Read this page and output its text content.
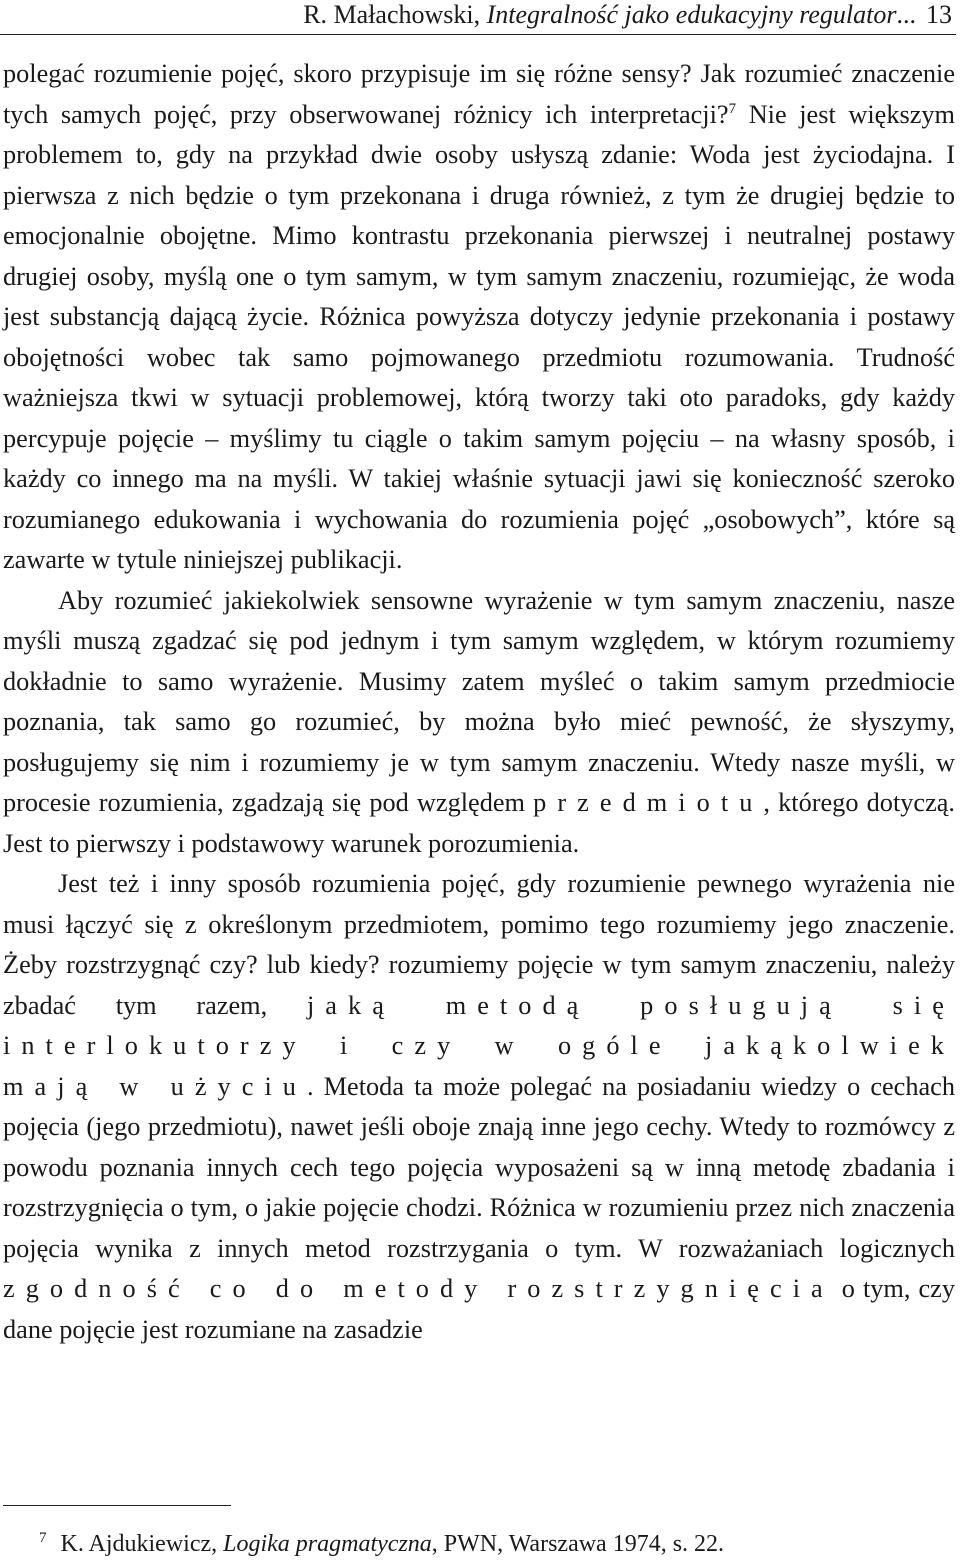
R. Małachowski, Integralność jako edukacyjny regulator... 13

polegać rozumienie pojęć, skoro przypisuje im się różne sensy? Jak rozumieć znaczenie tych samych pojęć, przy obserwowanej różnicy ich interpretacji?$^7$ Nie jest większym problemem to, gdy na przykład dwie osoby usłyszą zdanie: Woda jest życiodajna. I pierwsza z nich będzie o tym przekonana i druga również, z tym że drugiej będzie to emocjonalnie obojętne. Mimo kontrastu przekonania pierwszej i neutralnej postawy drugiej osoby, myślą one o tym samym, w tym samym znaczeniu, rozumiejąc, że woda jest substancją dającą życie. Różnica powyższa dotyczy jedynie przekonania i postawy obojętności wobec tak samo pojmowanego przedmiotu rozumowania. Trudność ważniejsza tkwi w sytuacji problemowej, którą tworzy taki oto paradoks, gdy każdy percypuje pojęcie – myślimy tu ciągle o takim samym pojęciu – na własny sposób, i każdy co innego ma na myśli. W takiej właśnie sytuacji jawi się konieczność szeroko rozumianego edukowania i wychowania do rozumienia pojęć „osobowych”, które są zawarte w tytule niniejszej publikacji.

Aby rozumieć jakiekolwiek sensowne wyrażenie w tym samym znaczeniu, nasze myśli muszą zgadzać się pod jednym i tym samym względem, w którym rozumiemy dokładnie to samo wyrażenie. Musimy zatem myśleć o takim samym przedmiocie poznania, tak samo go rozumieć, by można było mieć pewność, że słyszymy, posługujemy się nim i rozumiemy je w tym samym znaczeniu. Wtedy nasze myśli, w procesie rozumienia, zgadzają się pod względem przedmiotu, którego dotyczą. Jest to pierwszy i podstawowy warunek porozumienia.

Jest też i inny sposób rozumienia pojęć, gdy rozumienie pewnego wyrażenia nie musi łączyć się z określonym przedmiotem, pomimo tego rozumiemy jego znaczenie. Żeby rozstrzygnąć czy? lub kiedy? rozumiemy pojęcie w tym samym znaczeniu, należy zbadać tym razem, jaką metodą posługują się interlokutorzy i czy w ogóle jakąkolwiek mają w użyciu. Metoda ta może polegać na posiadaniu wiedzy o cechach pojęcia (jego przedmiotu), nawet jeśli oboje znają inne jego cechy. Wtedy to rozmówcy z powodu poznania innych cech tego pojęcia wyposażeni są w inną metodę zbadania i rozstrzygnięcia o tym, o jakie pojęcie chodzi. Różnica w rozumieniu przez nich znaczenia pojęcia wynika z innych metod rozstrzygania o tym. W rozważaniach logicznych zgodność co do metody rozstrzygnięcia o tym, czy dane pojęcie jest rozumiane na zasadzie

$^7$ K. Ajdukiewicz, Logika pragmatyczna, PWN, Warszawa 1974, s. 22.
